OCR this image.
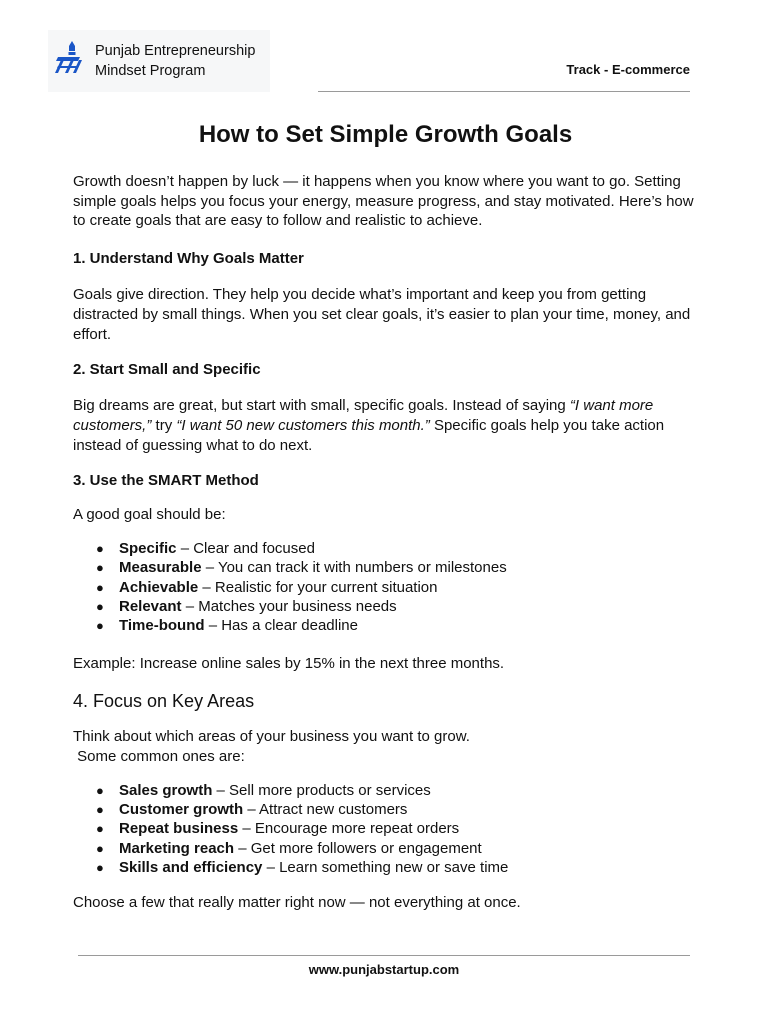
Punjab Entrepreneurship
Mindset Program	Track - E-commerce
How to Set Simple Growth Goals

Growth doesn’t happen by luck — it happens when you know where you want to go. Setting simple goals helps you focus your energy, measure progress, and stay motivated. Here’s how to create goals that are easy to follow and realistic to achieve.

1. Understand Why Goals Matter

Goals give direction. They help you decide what’s important and keep you from getting distracted by small things. When you set clear goals, it’s easier to plan your time, money, and effort.

2. Start Small and Specific

Big dreams are great, but start with small, specific goals. Instead of saying “I want more customers,” try “I want 50 new customers this month.” Specific goals help you take action instead of guessing what to do next.

3. Use the SMART Method

A good goal should be:

● Specific – Clear and focused
● Measurable – You can track it with numbers or milestones
● Achievable – Realistic for your current situation
● Relevant – Matches your business needs
● Time-bound – Has a clear deadline

Example: Increase online sales by 15% in the next three months.

4. Focus on Key Areas

Think about which areas of your business you want to grow.
Some common ones are:

● Sales growth – Sell more products or services
● Customer growth – Attract new customers
● Repeat business – Encourage more repeat orders
● Marketing reach – Get more followers or engagement
● Skills and efficiency – Learn something new or save time

Choose a few that really matter right now — not everything at once.

www.punjabstartup.com
